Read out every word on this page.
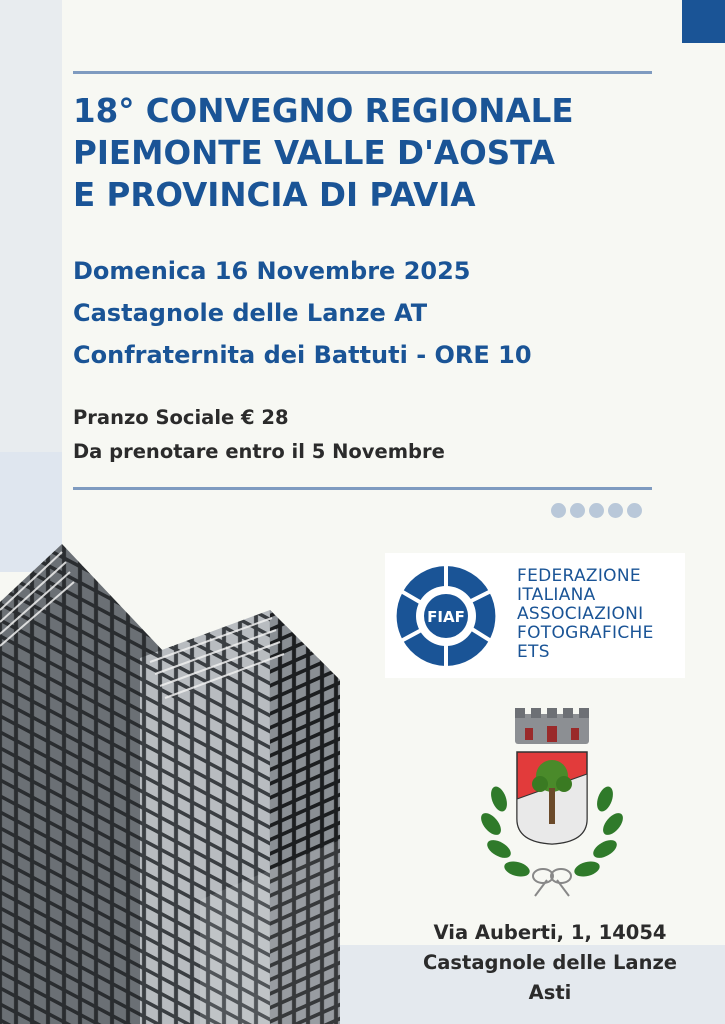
18° CONVEGNO REGIONALE
PIEMONTE VALLE D'AOSTA
E PROVINCIA DI PAVIA
Domenica 16 Novembre 2025
Castagnole delle Lanze AT
Confraternita dei Battuti - ORE 10
Pranzo Sociale € 28
Da prenotare entro il 5 Novembre
FIAF
FEDERAZIONE
ITALIANA
ASSOCIAZIONI
FOTOGRAFICHE
ETS
Via Auberti, 1, 14054
Castagnole delle Lanze
Asti
